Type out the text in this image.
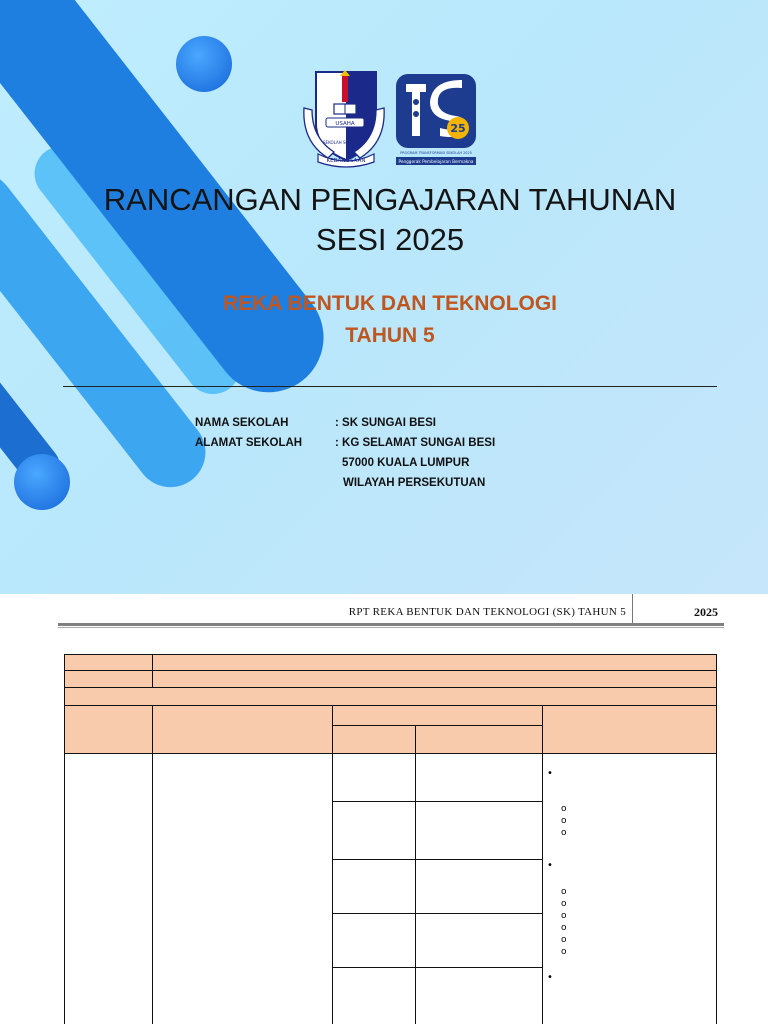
USAHA
KEBANGSAAN
SEKOLAH SG BESI KL
25
PROGRAM TRANSFORMASI SEKOLAH 2025
Penggerak Pembelajaran Bermakna
RANCANGAN PENGAJARAN TAHUNAN
SESI 2025
REKA BENTUK DAN TEKNOLOGI
TAHUN 5
NAMA SEKOLAH	: SK SUNGAI BESI
ALAMAT SEKOLAH	: KG SELAMAT SUNGAI BESI
57000 KUALA LUMPUR
WILAYAH PERSEKUTUAN
RPT REKA BENTUK DAN TEKNOLOGI (SK) TAHUN 5	2025
•
o
o
o
•
o
o
o
o
o
o
•
